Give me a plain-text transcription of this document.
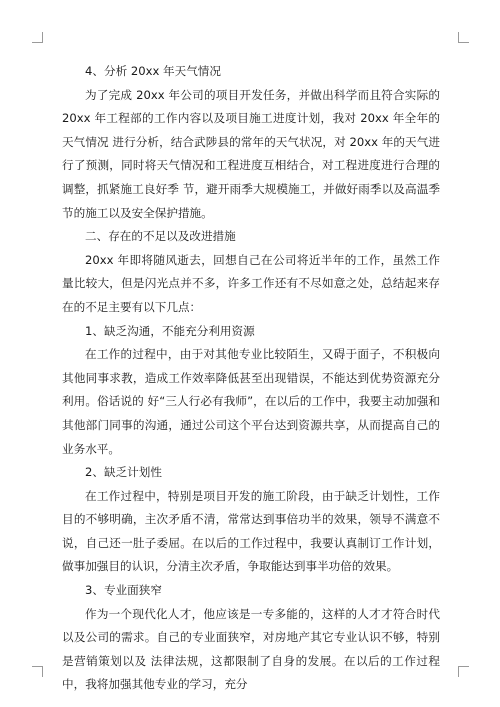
4、分析 20xx 年天气情况

为了完成 20xx 年公司的项目开发任务，并做出科学而且符合实际的 20xx 年工程部的工作内容以及项目施工进度计划，我对 20xx 年全年的天气情况 进行分析，结合武陟县的常年的天气状况，对 20xx 年的天气进行了预测，同时将天气情况和工程进度互相结合，对工程进度进行合理的调整，抓紧施工良好季 节，避开雨季大规模施工，并做好雨季以及高温季节的施工以及安全保护措施。

二、存在的不足以及改进措施

20xx 年即将随风逝去，回想自己在公司将近半年的工作，虽然工作量比较大，但是闪光点并不多，许多工作还有不尽如意之处，总结起来存在的不足主要有以下几点：

1、缺乏沟通，不能充分利用资源

在工作的过程中，由于对其他专业比较陌生，又碍于面子，不积极向其他同事求教，造成工作效率降低甚至出现错误，不能达到优势资源充分利用。俗话说的 好“三人行必有我师”，在以后的工作中，我要主动加强和其他部门同事的沟通，通过公司这个平台达到资源共享，从而提高自己的业务水平。

2、缺乏计划性

在工作过程中，特别是项目开发的施工阶段，由于缺乏计划性，工作目的不够明确，主次矛盾不清，常常达到事倍功半的效果，领导不满意不说，自己还一肚子委屈。在以后的工作过程中，我要认真制订工作计划，做事加强目的认识，分清主次矛盾，争取能达到事半功倍的效果。

3、专业面狭窄

作为一个现代化人才，他应该是一专多能的，这样的人才才符合时代以及公司的需求。自己的专业面狭窄，对房地产其它专业认识不够，特别是营销策划以及 法律法规，这都限制了自身的发展。在以后的工作过程中，我将加强其他专业的学习，充分
